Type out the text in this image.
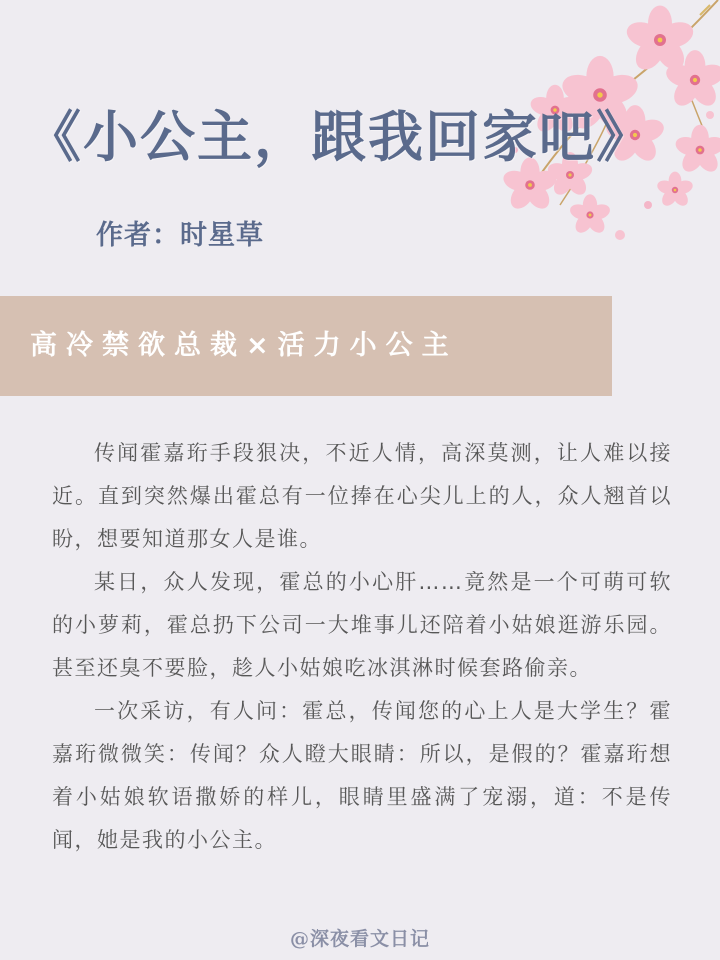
《小公主，跟我回家吧》
作者：时星草
高冷禁欲总裁×活力小公主

传闻霍嘉珩手段狠决，不近人情，高深莫测，让人难以接近。直到突然爆出霍总有一位捧在心尖儿上的人，众人翘首以盼，想要知道那女人是谁。

某日，众人发现，霍总的小心肝……竟然是一个可萌可软的小萝莉，霍总扔下公司一大堆事儿还陪着小姑娘逛游乐园。甚至还臭不要脸，趁人小姑娘吃冰淇淋时候套路偷亲。

一次采访，有人问：霍总，传闻您的心上人是大学生？霍嘉珩微微笑：传闻？众人瞪大眼睛：所以，是假的？霍嘉珩想着小姑娘软语撒娇的样儿，眼睛里盛满了宠溺，道：不是传闻，她是我的小公主。

@深夜看文日记
